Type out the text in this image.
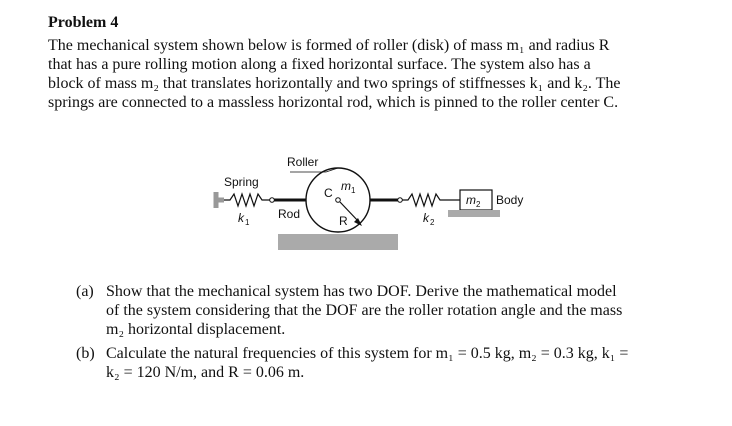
Problem 4

The mechanical system shown below is formed of roller (disk) of mass m₁ and radius R
that has a pure rolling motion along a fixed horizontal surface. The system also has a
block of mass m₂ that translates horizontally and two springs of stiffnesses k₁ and k₂. The
springs are connected to a massless horizontal rod, which is pinned to the roller center C.

Roller
Spring
C m 1
R
Rod
k 1	k 2
m 2 Body
(a) Show that the mechanical system has two DOF. Derive the mathematical model
of the system considering that the DOF are the roller rotation angle and the mass
m₂ horizontal displacement.
(b) Calculate the natural frequencies of this system for m₁ = 0.5 kg, m₂ = 0.3 kg, k₁ =
k₂ = 120 N/m, and R = 0.06 m.
